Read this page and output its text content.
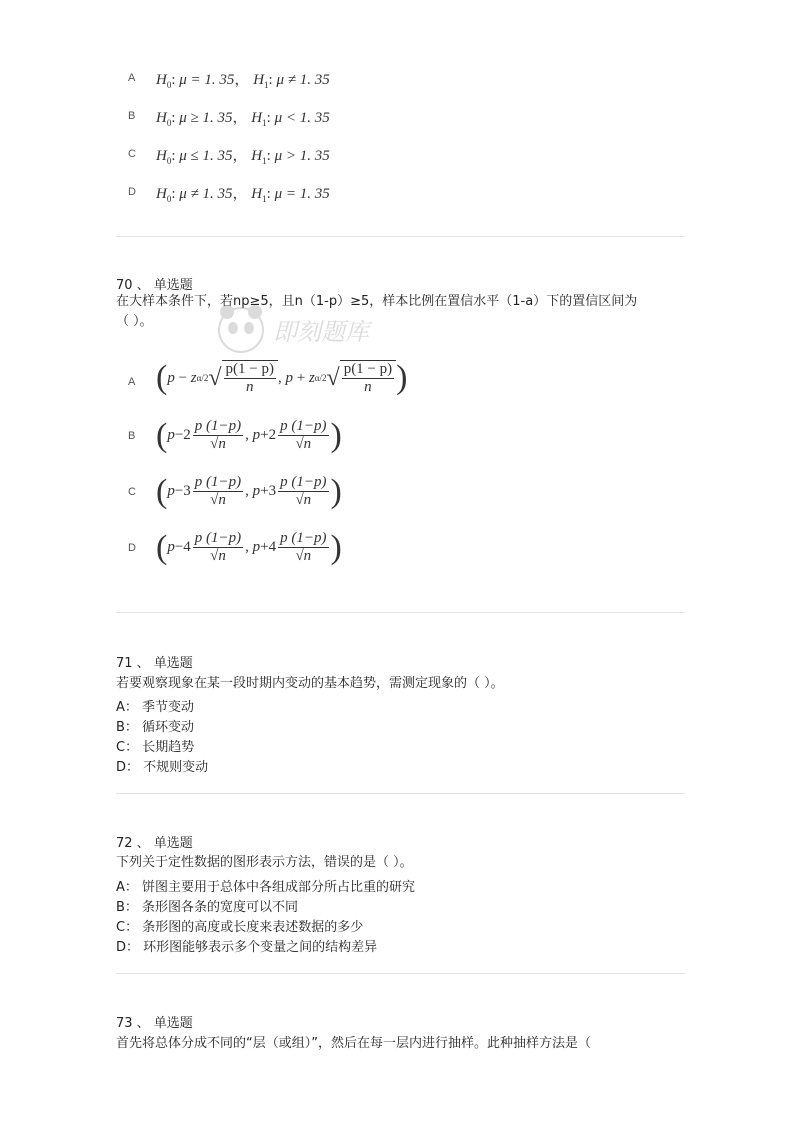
A $H_0$: μ = 1. 35， $H_1$: μ ≠ 1. 35
B $H_0$: μ ≥ 1. 35， $H_1$: μ < 1. 35
C $H_0$: μ ≤ 1. 35， $H_1$: μ > 1. 35
D $H_0$: μ ≠ 1. 35， $H_1$: μ = 1. 35
70 、 单选题
在大样本条件下，若np≥5，且n（1-p）≥5，样本比例在置信水平（1-a）下的置信区间为
（ ）。	即刻题库
A ( p − z α/2 √ $\frac{p(1 - p)}{n}$ , p + z α/2 √ $\frac{p(1 - p)}{n}$ )
B ( $p - 2 \frac{p (1-p)}{√n}$ , $p + 2 \frac{p (1-p)}{√n}$ )
C ( $p - 3 \frac{p (1-p)}{√n}$ , $p + 3 \frac{p (1-p)}{√n}$ )
D ( $p - 4 \frac{p (1-p)}{√n}$ , $p + 4 \frac{p (1-p)}{√n}$ )
71 、 单选题
若要观察现象在某一段时期内变动的基本趋势，需测定现象的（ ）。
A： 季节变动
B： 循环变动
C： 长期趋势
D： 不规则变动
72 、 单选题
下列关于定性数据的图形表示方法，错误的是（ ）。
A： 饼图主要用于总体中各组成部分所占比重的研究
B： 条形图各条的宽度可以不同
C： 条形图的高度或长度来表述数据的多少
D： 环形图能够表示多个变量之间的结构差异
73 、 单选题
首先将总体分成不同的“层（或组）”，然后在每一层内进行抽样。此种抽样方法是（
